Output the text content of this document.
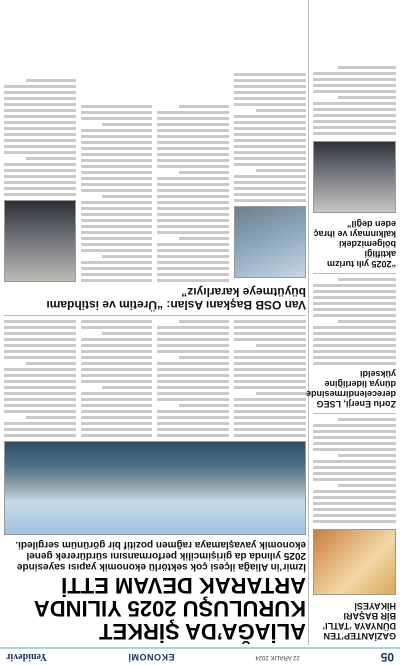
05
22 ARALIK 2024
EKONOMİ
Yenidevir
GAZİANTEP’TEN DÜNYAYA ‘TATLI’ BİR BAŞARI HİKAYESİ
Zorlu Enerji, LSEG derecelendirmesinde dünya liderliğine yükseldi
“2025 yılı turizm aktifliği bölgemizdeki kalkınmayı ve ihraç eden değil”
ALİAĞA’DA ŞİRKET KURULUŞU 2025 YILINDA ARTARAK DEVAM ETTİ
İzmir’in Aliağa ilçesi çok sektörlü ekonomik yapısı sayesinde 2025 yılında da girişimcilik performansını sürdürerek genel ekonomik yavaşlamaya rağmen pozitif bir görünüm sergiledi.
Van OSB Başkanı Aslan: “Üretim ve istihdamı büyütmeye kararlıyız”
